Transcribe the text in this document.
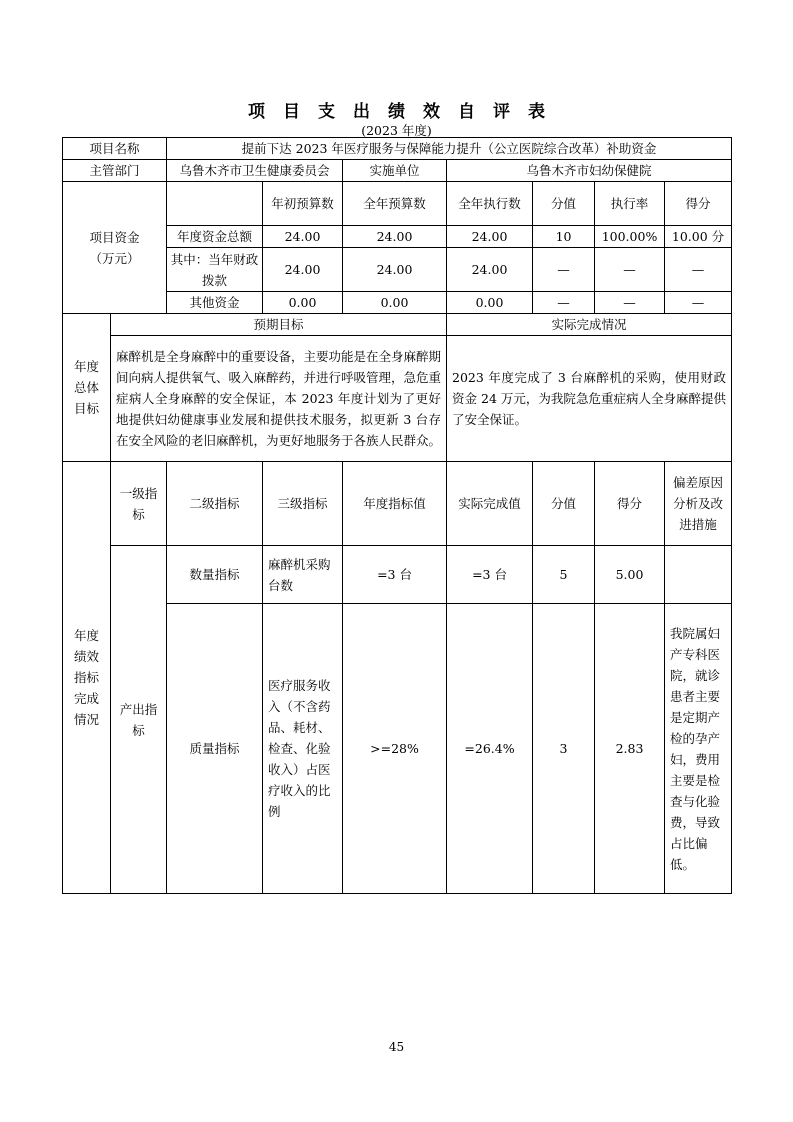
项目支出绩效自评表
(2023 年度)
项目名称		提前下达 2023 年医疗服务与保障能力提升（公立医院综合改革）补助资金						
主管部门		乌鲁木齐市卫生健康委员会		实施单位	乌鲁木齐市妇幼保健院			
项目资金
（万元）			年初预算数	全年预算数	全年执行数	分值	执行率	得分
		年度资金总额	24.00	24.00	24.00	10	100.00%	10.00 分
		其中：当年财政拨款	24.00	24.00	24.00	—	—	—
		其他资金	0.00	0.00	0.00	—	—	—
年度
总体
目标	预期目标				实际完成情况			
	麻醉机是全身麻醉中的重要设备，主要功能是在全身麻醉期间向病人提供氧气、吸入麻醉药，并进行呼吸管理，急危重症病人全身麻醉的安全保证，本 2023 年度计划为了更好地提供妇幼健康事业发展和提供技术服务，拟更新 3 台存在安全风险的老旧麻醉机，为更好地服务于各族人民群众。				2023 年度完成了 3 台麻醉机的采购，使用财政资金 24 万元，为我院急危重症病人全身麻醉提供了安全保证。			
年度
绩效
指标
完成
情况	一级指标	二级指标	三级指标	年度指标值	实际完成值	分值	得分	偏差原因分析及改进措施
	产出指标	数量指标	麻醉机采购台数	=3 台	=3 台	5	5.00	
		质量指标	医疗服务收入（不含药品、耗材、检查、化验收入）占医疗收入的比例	>=28%	=26.4%	3	2.83	我院属妇产专科医院，就诊患者主要是定期产检的孕产妇，费用主要是检查与化验费，导致占比偏低。
45
